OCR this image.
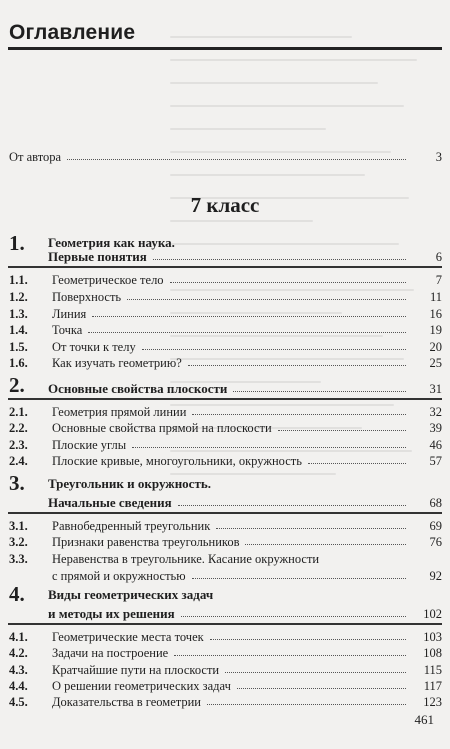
Оглавление
От автора	3
7 класс
1. Геометрия как наука.
Первые понятия	6
1.1.	Геометрическое тело	7
1.2.	Поверхность	11
1.3.	Линия	16
1.4.	Точка	19
1.5.	От точки к телу	20
1.6.	Как изучать геометрию?	25
2. Основные свойства плоскости	31
2.1.	Геометрия прямой линии	32
2.2.	Основные свойства прямой на плоскости	39
2.3.	Плоские углы	46
2.4.	Плоские кривые, многоугольники, окружность	57
3. Треугольник и окружность.
Начальные сведения	68
3.1.	Равнобедренный треугольник	69
3.2.	Признаки равенства треугольников	76
3.3.	Неравенства в треугольнике. Касание окружности
с прямой и окружностью	92
4. Виды геометрических задач
и методы их решения	102
4.1.	Геометрические места точек	103
4.2.	Задачи на построение	108
4.3.	Кратчайшие пути на плоскости	115
4.4.	О решении геометрических задач	117
4.5.	Доказательства в геометрии	123
461
